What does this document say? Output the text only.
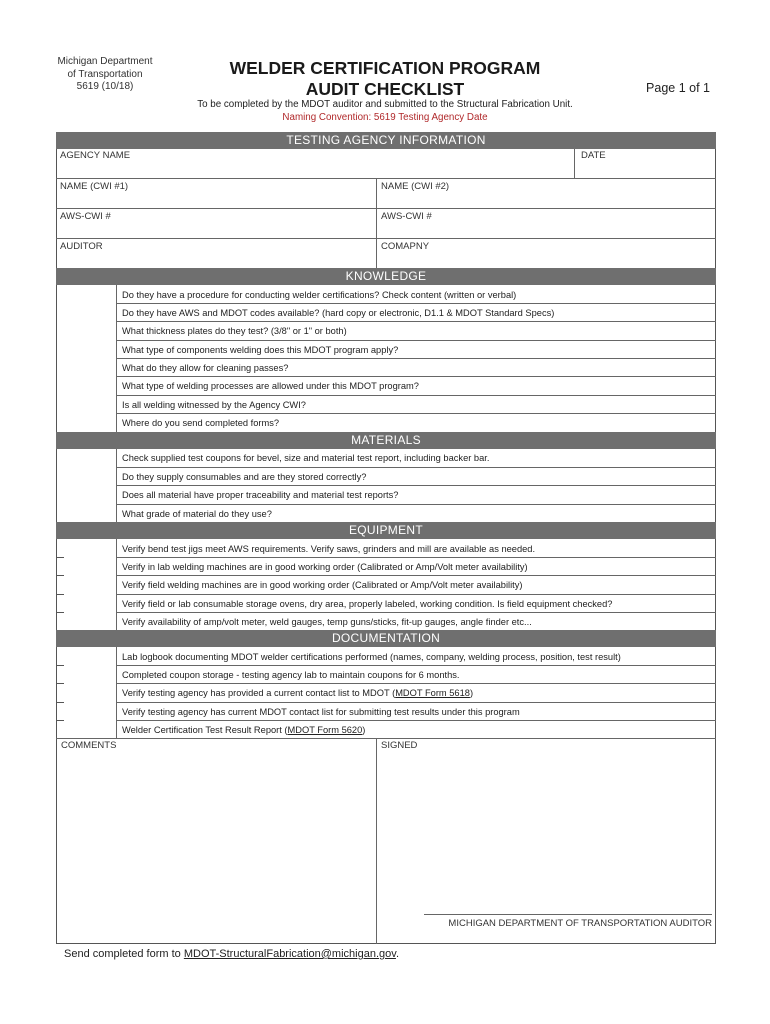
Michigan Department
of Transportation
5619 (10/18)
WELDER CERTIFICATION PROGRAM
AUDIT CHECKLIST	Page 1 of 1
To be completed by the MDOT auditor and submitted to the Structural Fabrication Unit.
Naming Convention: 5619 Testing Agency Date
TESTING AGENCY INFORMATION
AGENCY NAME	DATE
NAME (CWI #1)	NAME (CWI #2)
AWS-CWI #	AWS-CWI #
AUDITOR	COMAPNY
KNOWLEDGE
Do they have a procedure for conducting welder certifications? Check content (written or verbal)
Do they have AWS and MDOT codes available? (hard copy or electronic, D1.1 & MDOT Standard Specs)
What thickness plates do they test? (3/8" or 1" or both)
What type of components welding does this MDOT program apply?
What do they allow for cleaning passes?
What type of welding processes are allowed under this MDOT program?
Is all welding witnessed by the Agency CWI?
Where do you send completed forms?
MATERIALS
Check supplied test coupons for bevel, size and material test report, including backer bar.
Do they supply consumables and are they stored correctly?
Does all material have proper traceability and material test reports?
What grade of material do they use?
EQUIPMENT
Verify bend test jigs meet AWS requirements. Verify saws, grinders and mill are available as needed.
Verify in lab welding machines are in good working order (Calibrated or Amp/Volt meter availability)
Verify field welding machines are in good working order (Calibrated or Amp/Volt meter availability)
Verify field or lab consumable storage ovens, dry area, properly labeled, working condition. Is field equipment checked?
Verify availability of amp/volt meter, weld gauges, temp guns/sticks, fit-up gauges, angle finder etc...
DOCUMENTATION
Lab logbook documenting MDOT welder certifications performed (names, company, welding process, position, test result)
Completed coupon storage - testing agency lab to maintain coupons for 6 months.
Verify testing agency has provided a current contact list to MDOT (MDOT Form 5618)
Verify testing agency has current MDOT contact list for submitting test results under this program
Welder Certification Test Result Report (MDOT Form 5620)
COMMENTS	SIGNED
MICHIGAN DEPARTMENT OF TRANSPORTATION AUDITOR
Send completed form to MDOT-StructuralFabrication@michigan.gov.
